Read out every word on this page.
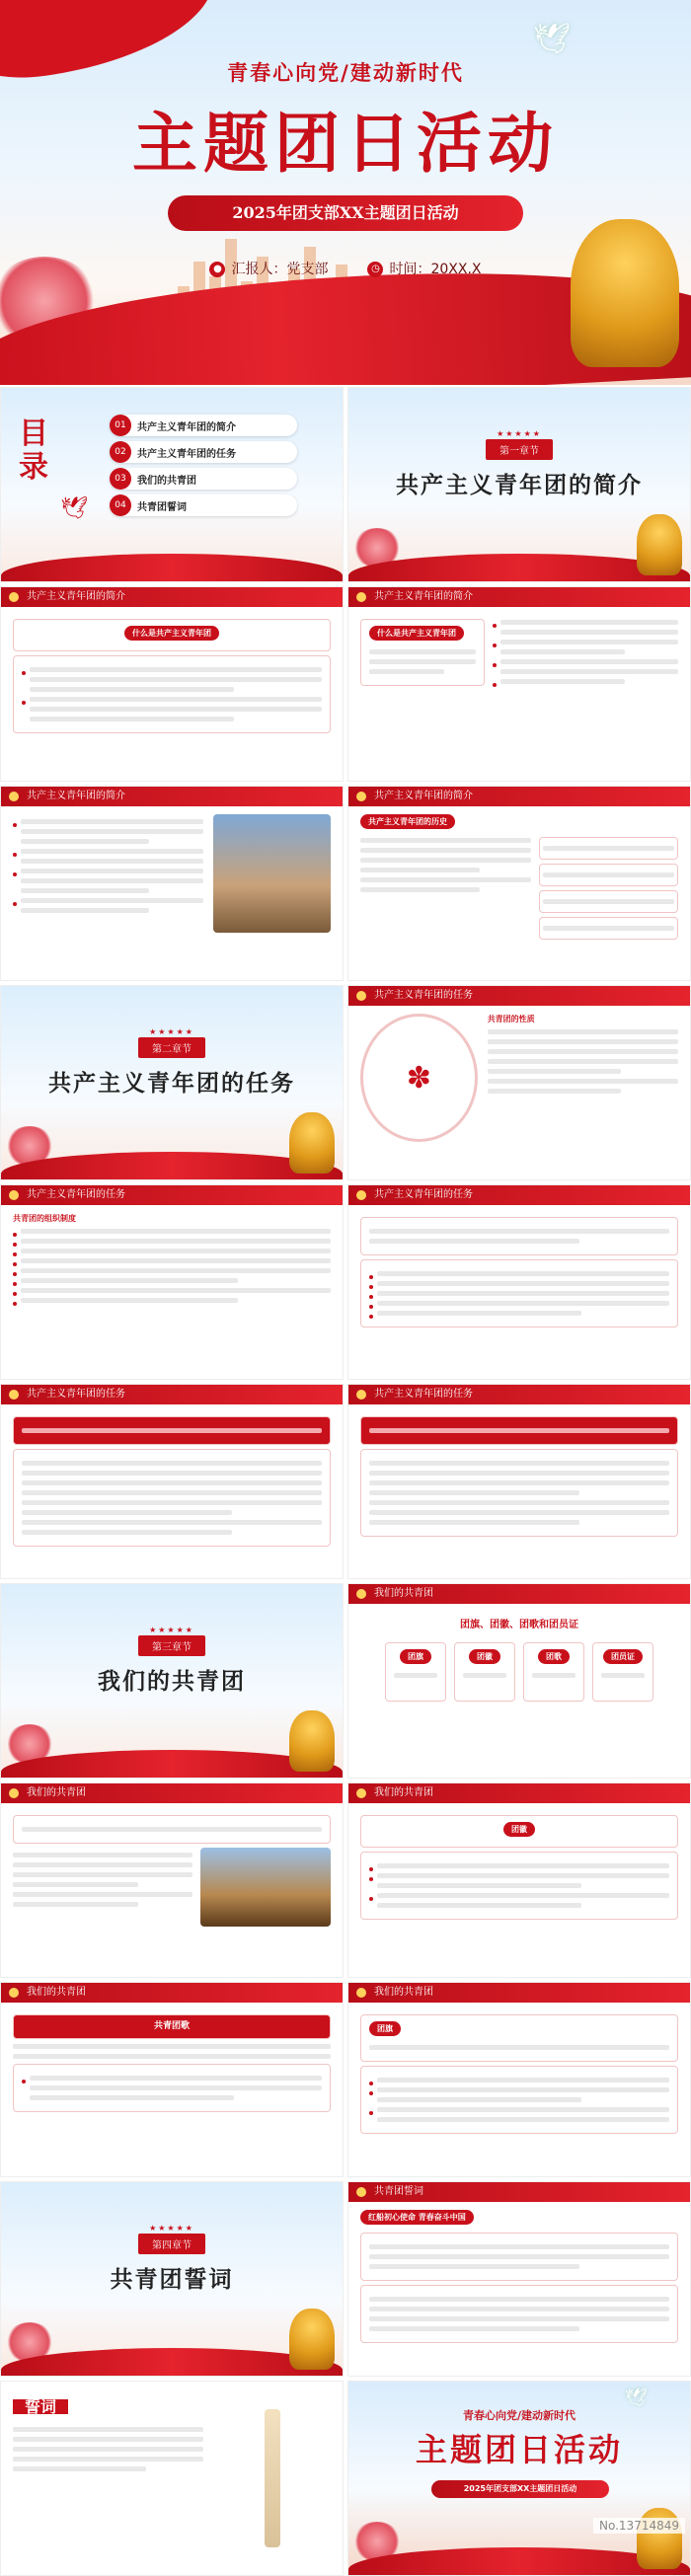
🕊
青春心向党/建动新时代
主题团日活动
2025年团支部XX主题团日活动
● 汇报人：党支部	◷ 时间：20XX.X
目录
01	共产主义青年团的简介
02	共产主义青年团的任务
03	我们的共青团
04	共青团誓词
🕊
★★★★★
第一章节
共产主义青年团的简介
共产主义青年团的简介
什么是共产主义青年团
共产主义青年团的简介
什么是共产主义青年团
共产主义青年团的简介	共产主义青年团的简介
共产主义青年团的历史
★★★★★
第二章节
共产主义青年团的任务
共产主义青年团的任务
✽
共青团的性质
共产主义青年团的任务
共青团的组织制度
共产主义青年团的任务
共产主义青年团的任务	共产主义青年团的任务
★★★★★
第三章节
我们的共青团
我们的共青团
团旗、团徽、团歌和团员证
团旗	团徽	团歌	团员证
我们的共青团	我们的共青团
团徽
我们的共青团
共青团歌
我们的共青团
团旗
★★★★★
第四章节
共青团誓词
共青团誓词
红船初心使命 青春奋斗中国
誓词	🕊
青春心向党/建动新时代
主题团日活动
2025年团支部XX主题团日活动
No.13714849
